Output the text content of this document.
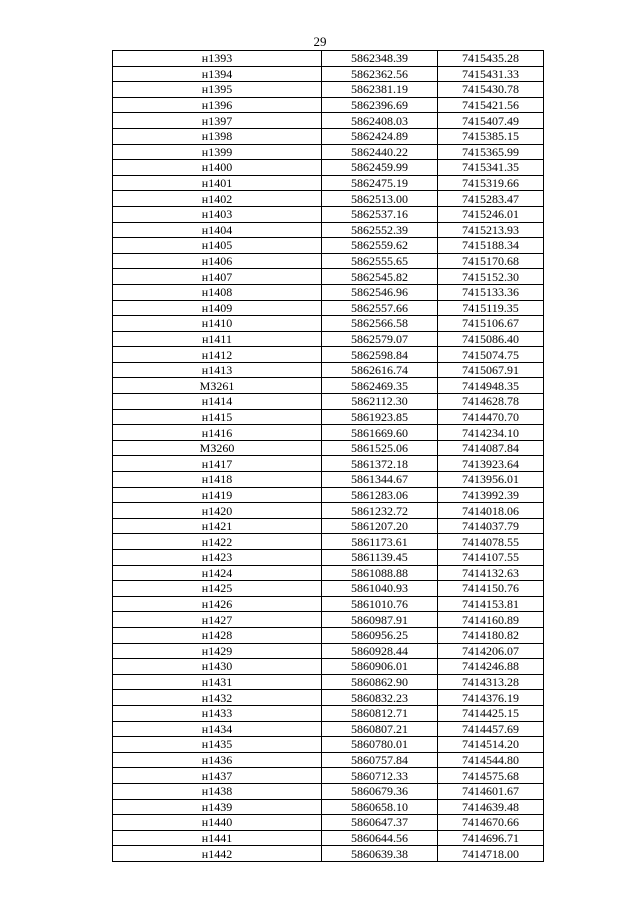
29
н1393	5862348.39	7415435.28
н1394	5862362.56	7415431.33
н1395	5862381.19	7415430.78
н1396	5862396.69	7415421.56
н1397	5862408.03	7415407.49
н1398	5862424.89	7415385.15
н1399	5862440.22	7415365.99
н1400	5862459.99	7415341.35
н1401	5862475.19	7415319.66
н1402	5862513.00	7415283.47
н1403	5862537.16	7415246.01
н1404	5862552.39	7415213.93
н1405	5862559.62	7415188.34
н1406	5862555.65	7415170.68
н1407	5862545.82	7415152.30
н1408	5862546.96	7415133.36
н1409	5862557.66	7415119.35
н1410	5862566.58	7415106.67
н1411	5862579.07	7415086.40
н1412	5862598.84	7415074.75
н1413	5862616.74	7415067.91
МЗ261	5862469.35	7414948.35
н1414	5862112.30	7414628.78
н1415	5861923.85	7414470.70
н1416	5861669.60	7414234.10
МЗ260	5861525.06	7414087.84
н1417	5861372.18	7413923.64
н1418	5861344.67	7413956.01
н1419	5861283.06	7413992.39
н1420	5861232.72	7414018.06
н1421	5861207.20	7414037.79
н1422	5861173.61	7414078.55
н1423	5861139.45	7414107.55
н1424	5861088.88	7414132.63
н1425	5861040.93	7414150.76
н1426	5861010.76	7414153.81
н1427	5860987.91	7414160.89
н1428	5860956.25	7414180.82
н1429	5860928.44	7414206.07
н1430	5860906.01	7414246.88
н1431	5860862.90	7414313.28
н1432	5860832.23	7414376.19
н1433	5860812.71	7414425.15
н1434	5860807.21	7414457.69
н1435	5860780.01	7414514.20
н1436	5860757.84	7414544.80
н1437	5860712.33	7414575.68
н1438	5860679.36	7414601.67
н1439	5860658.10	7414639.48
н1440	5860647.37	7414670.66
н1441	5860644.56	7414696.71
н1442	5860639.38	7414718.00
